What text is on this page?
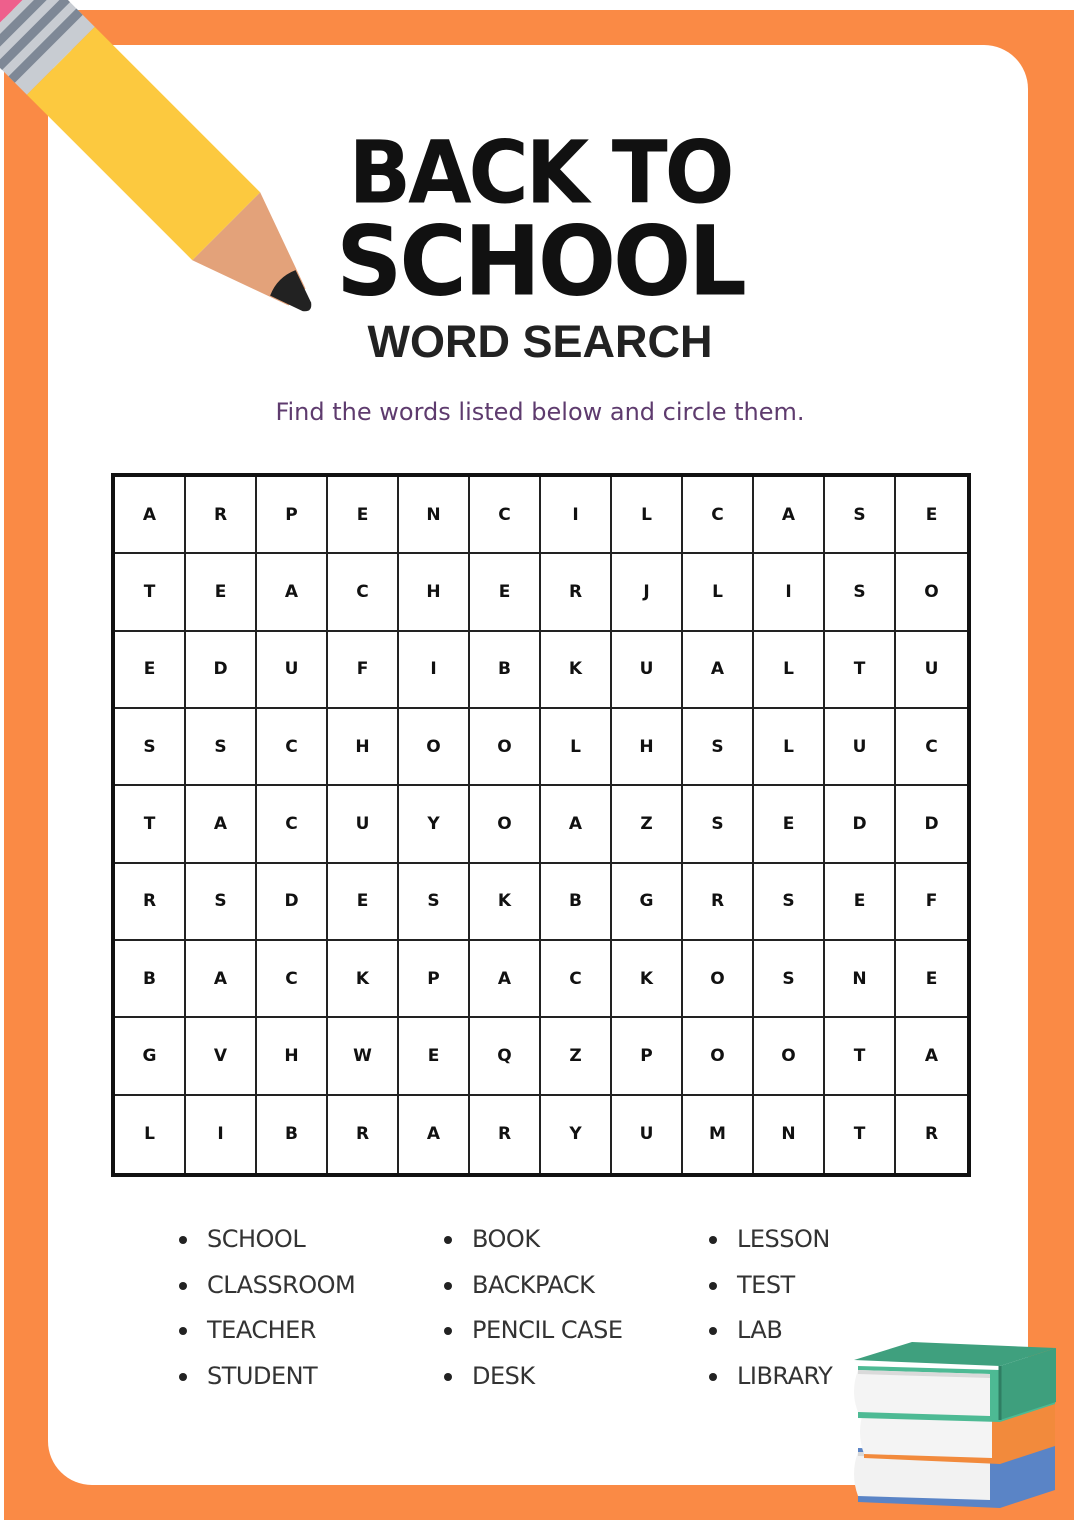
BACK TO
SCHOOL
WORD SEARCH

Find the words listed below and circle them.

A	R	P	E	N	C	I	L	C	A	S	E
T	E	A	C	H	E	R	J	L	I	S	O
E	D	U	F	I	B	K	U	A	L	T	U
S	S	C	H	O	O	L	H	S	L	U	C
T	A	C	U	Y	O	A	Z	S	E	D	D
R	S	D	E	S	K	B	G	R	S	E	F
B	A	C	K	P	A	C	K	O	S	N	E
G	V	H	W	E	Q	Z	P	O	O	T	A
L	I	B	R	A	R	Y	U	M	N	T	R
SCHOOL
CLASSROOM
TEACHER
STUDENT
BOOK
BACKPACK
PENCIL CASE
DESK
LESSON
TEST
LAB
LIBRARY
